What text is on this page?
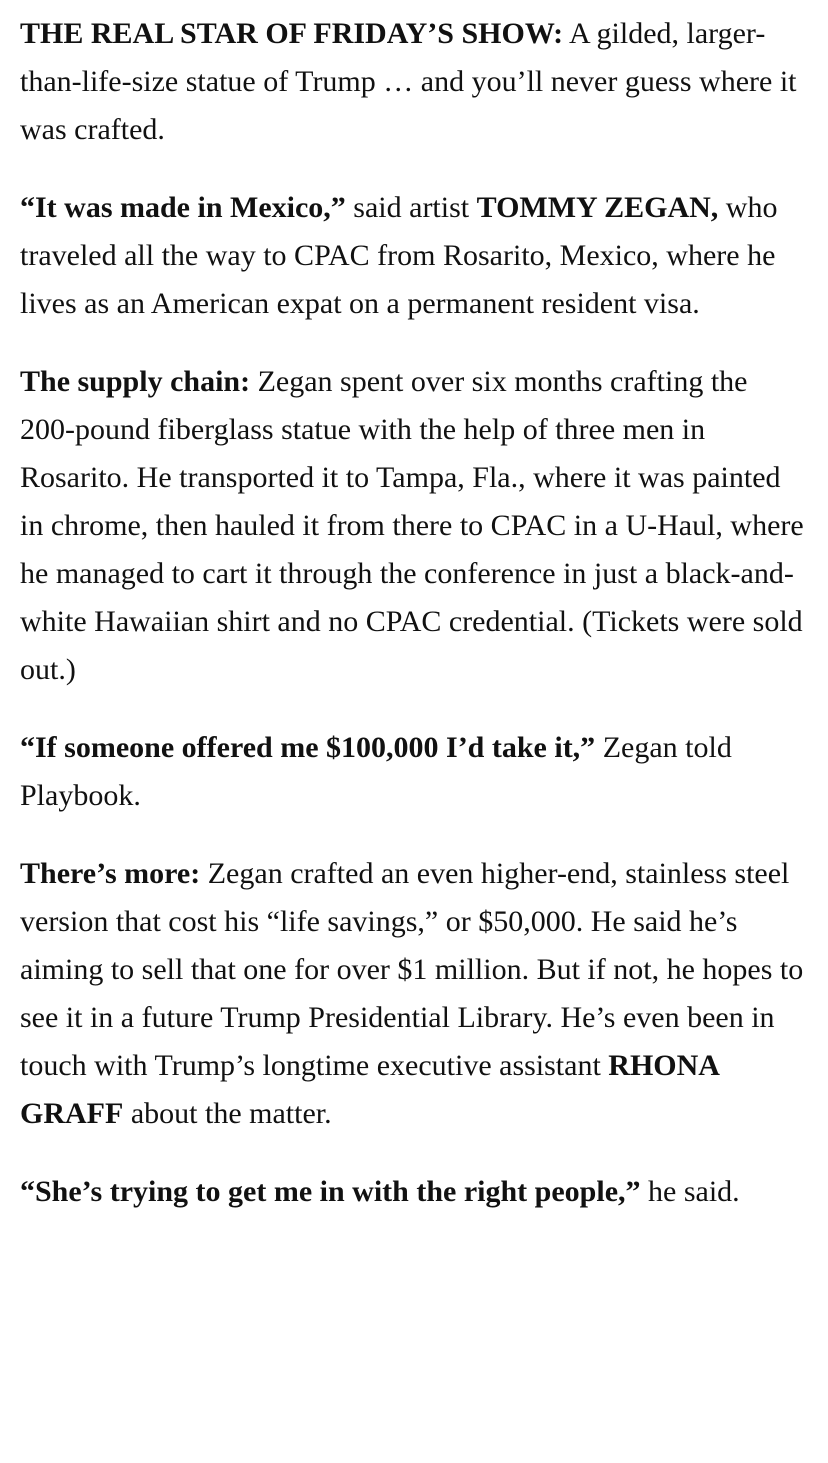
THE REAL STAR OF FRIDAY’S SHOW: A gilded, larger-than-life-size statue of Trump … and you’ll never guess where it was crafted.

“It was made in Mexico,” said artist TOMMY ZEGAN, who traveled all the way to CPAC from Rosarito, Mexico, where he lives as an American expat on a permanent resident visa.

The supply chain: Zegan spent over six months crafting the 200-pound fiberglass statue with the help of three men in Rosarito. He transported it to Tampa, Fla., where it was painted in chrome, then hauled it from there to CPAC in a U-Haul, where he managed to cart it through the conference in just a black-and-white Hawaiian shirt and no CPAC credential. (Tickets were sold out.)

“If someone offered me $100,000 I’d take it,” Zegan told Playbook.

There’s more: Zegan crafted an even higher-end, stainless steel version that cost his “life savings,” or $50,000. He said he’s aiming to sell that one for over $1 million. But if not, he hopes to see it in a future Trump Presidential Library. He’s even been in touch with Trump’s longtime executive assistant RHONA GRAFF about the matter.

“She’s trying to get me in with the right people,” he said.
